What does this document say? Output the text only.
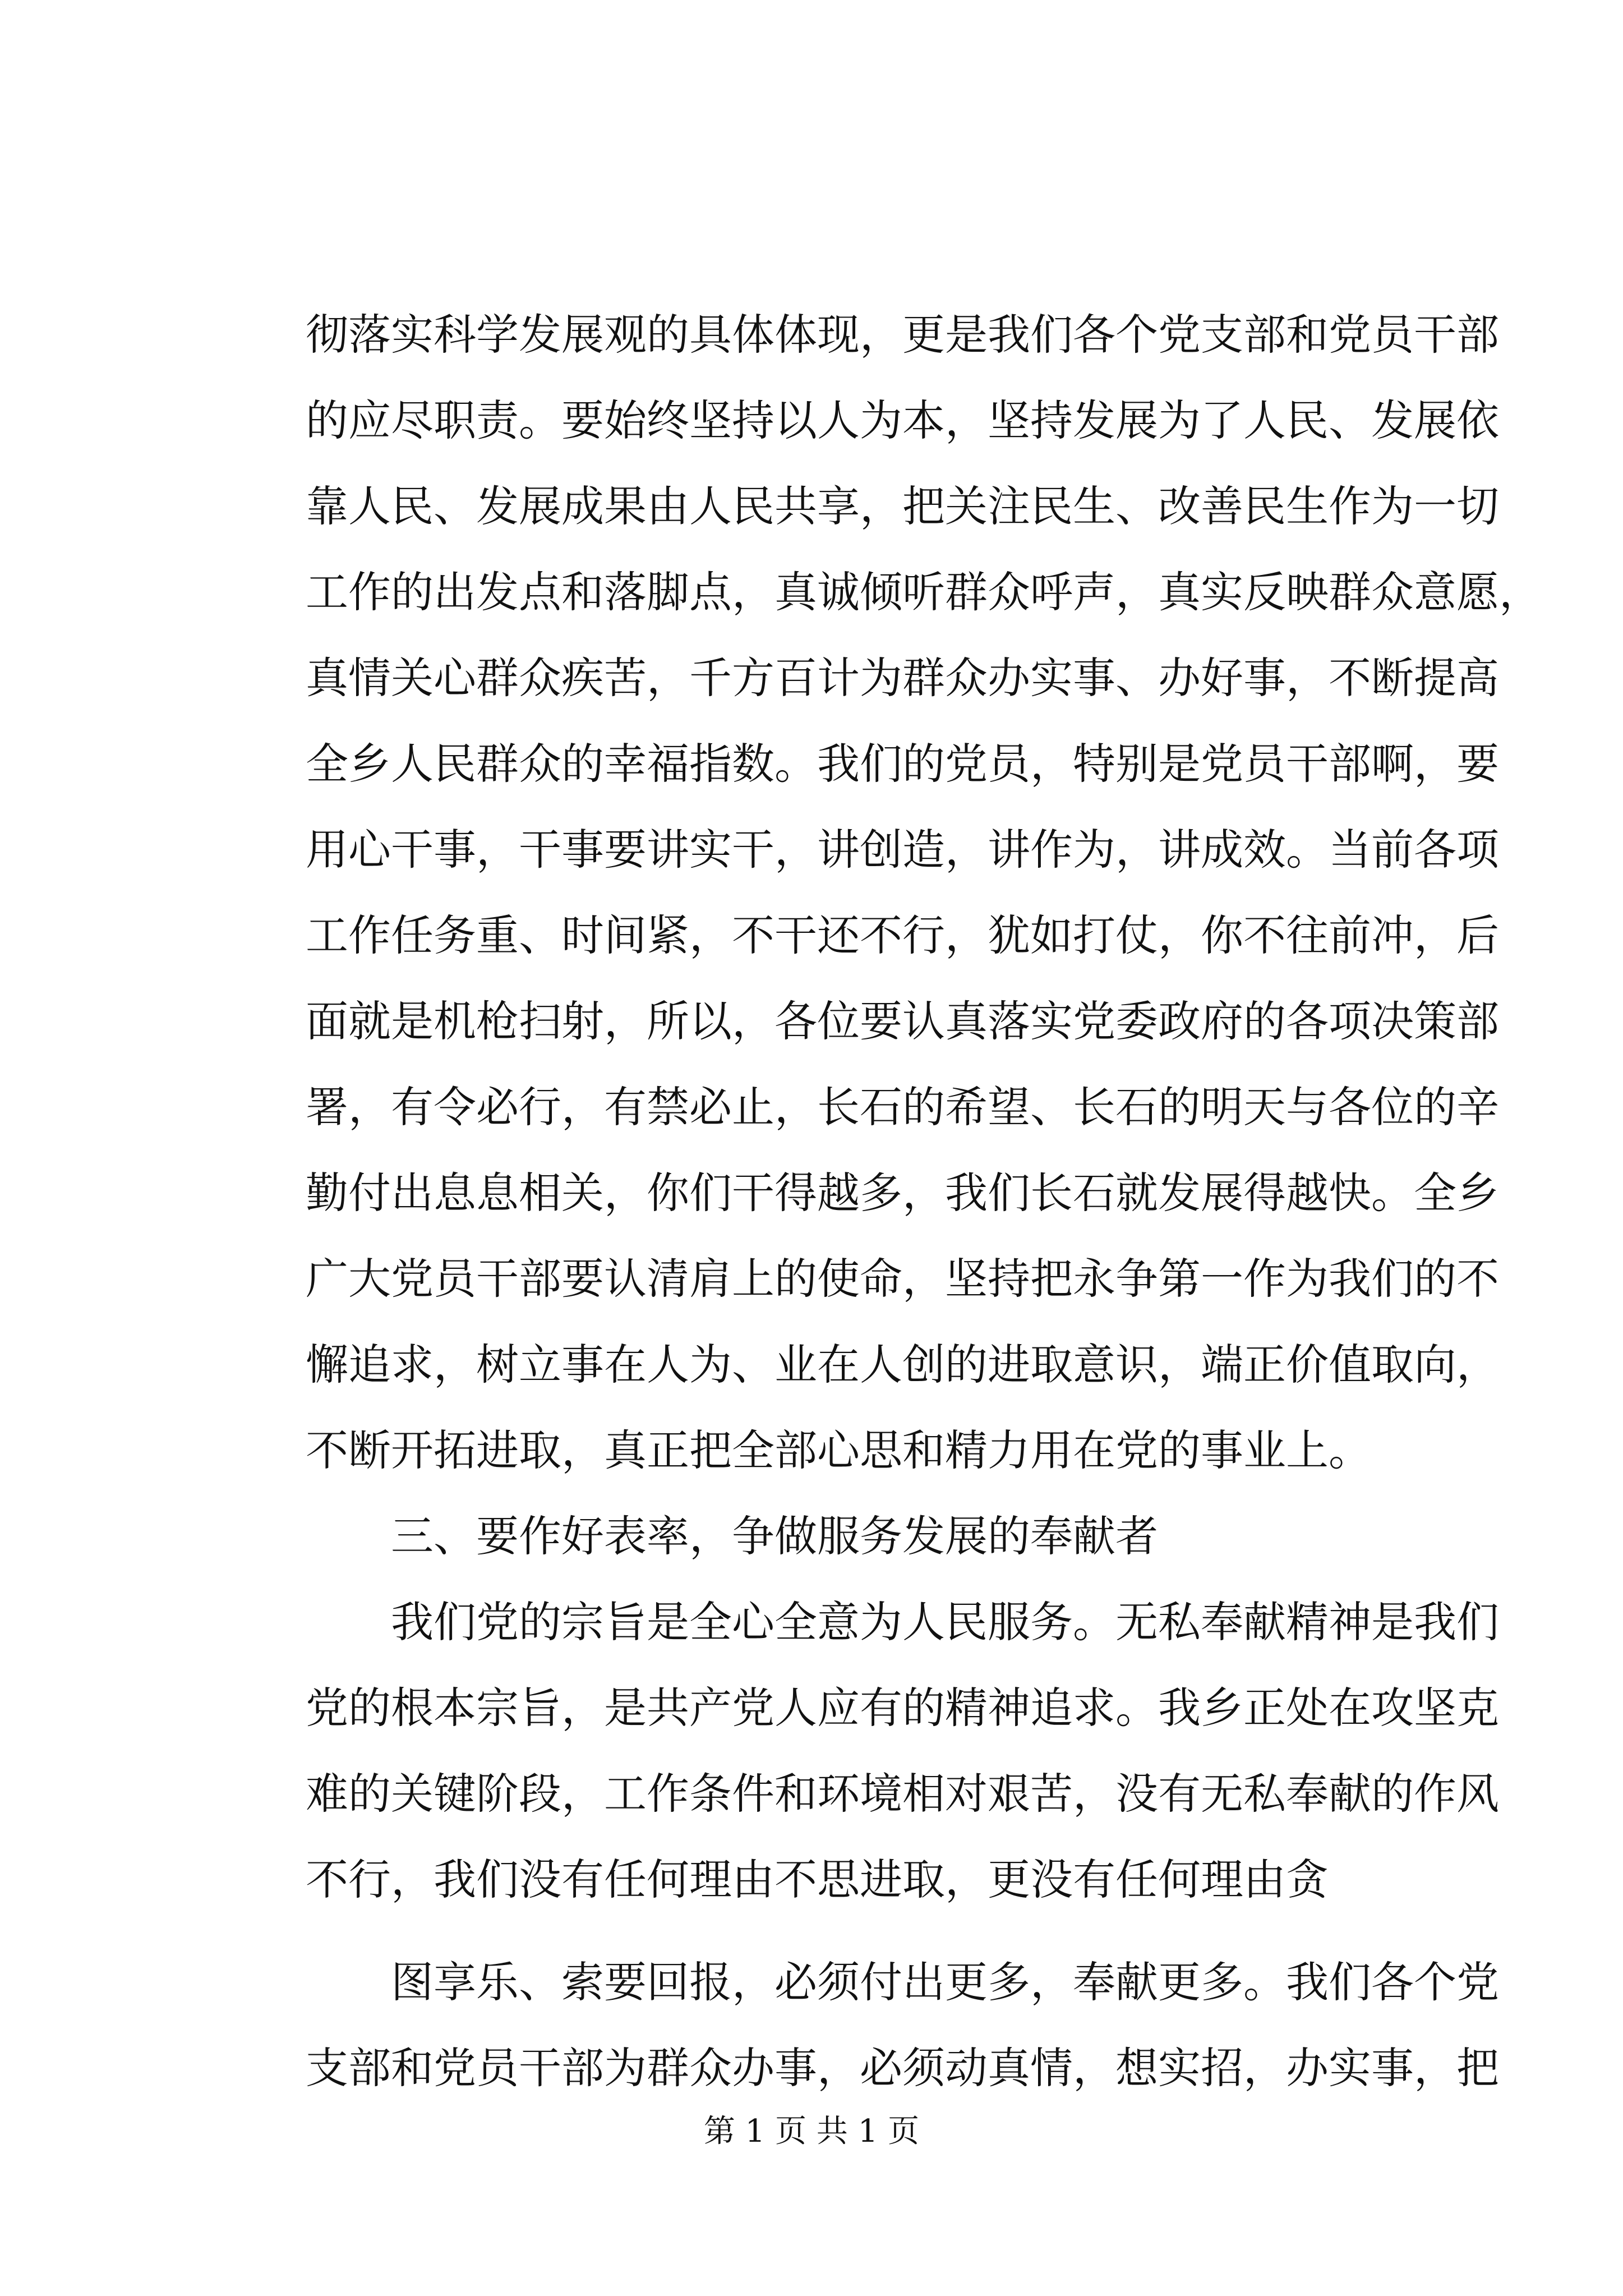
彻落实科学发展观的具体体现，更是我们各个党支部和党员干部
的应尽职责。要始终坚持以人为本，坚持发展为了人民、发展依
靠人民、发展成果由人民共享，把关注民生、改善民生作为一切
工作的出发点和落脚点，真诚倾听群众呼声，真实反映群众意愿，
真情关心群众疾苦，千方百计为群众办实事、办好事，不断提高
全乡人民群众的幸福指数。我们的党员，特别是党员干部啊，要
用心干事，干事要讲实干，讲创造，讲作为，讲成效。当前各项
工作任务重、时间紧，不干还不行，犹如打仗，你不往前冲，后
面就是机枪扫射，所以，各位要认真落实党委政府的各项决策部
署，有令必行，有禁必止，长石的希望、长石的明天与各位的辛
勤付出息息相关，你们干得越多，我们长石就发展得越快。全乡
广大党员干部要认清肩上的使命，坚持把永争第一作为我们的不
懈追求，树立事在人为、业在人创的进取意识，端正价值取向，
不断开拓进取，真正把全部心思和精力用在党的事业上。
三、要作好表率，争做服务发展的奉献者
我们党的宗旨是全心全意为人民服务。无私奉献精神是我们
党的根本宗旨，是共产党人应有的精神追求。我乡正处在攻坚克
难的关键阶段，工作条件和环境相对艰苦，没有无私奉献的作风
不行，我们没有任何理由不思进取，更没有任何理由贪
图享乐、索要回报，必须付出更多，奉献更多。我们各个党
支部和党员干部为群众办事，必须动真情，想实招，办实事，把
第 1 页 共 1 页
